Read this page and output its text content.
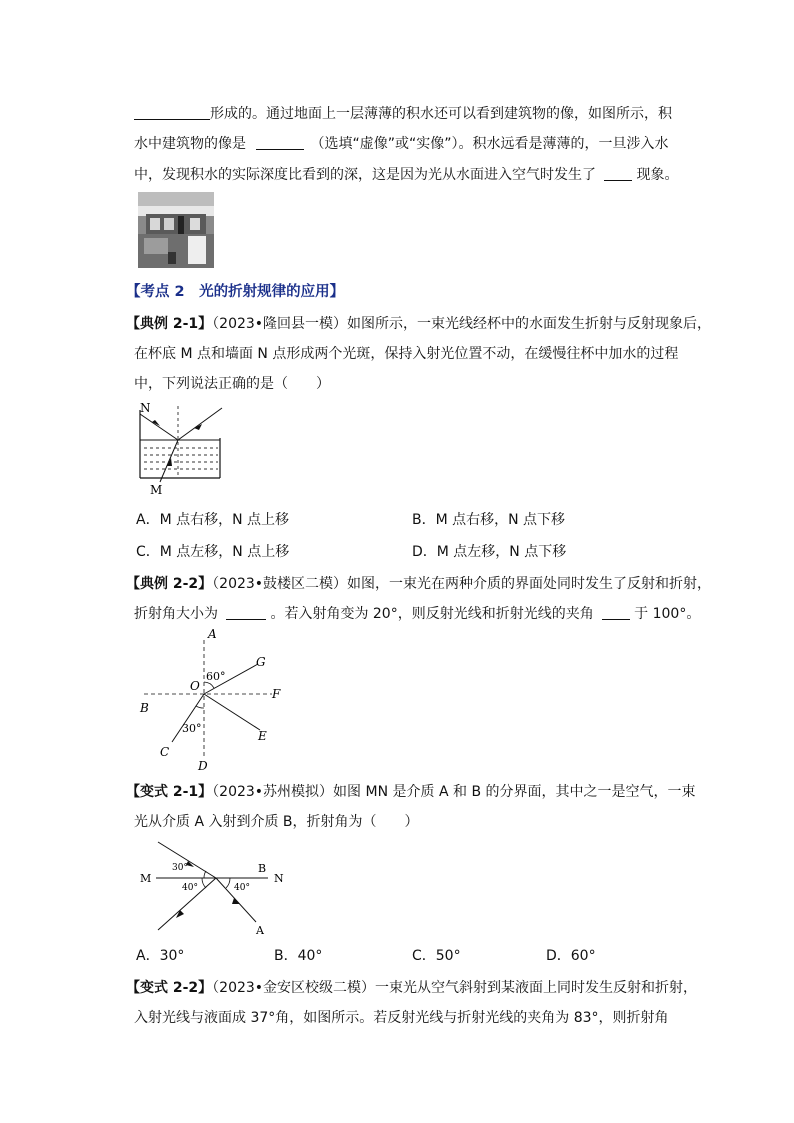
形成的。通过地面上一层薄薄的积水还可以看到建筑物的像，如图所示，积
水中建筑物的像是	（选填“虚像”或“实像”）。积水远看是薄薄的，一旦涉入水
中，发现积水的实际深度比看到的深，这是因为光从水面进入空气时发生了	现象。
【考点 2　光的折射规律的应用】
【典例 2-1】（2023•隆回县一模）如图所示，一束光线经杯中的水面发生折射与反射现象后，
在杯底 M 点和墙面 N 点形成两个光斑，保持入射光位置不动，在缓慢往杯中加水的过程
中，下列说法正确的是（　　）
N
M
A．M 点右移，N 点上移	B．M 点右移，N 点下移
C．M 点左移，N 点上移	D．M 点左移，N 点下移
【典例 2-2】（2023•鼓楼区二模）如图，一束光在两种介质的界面处同时发生了反射和折射，
折射角大小为	。若入射角变为 20°，则反射光线和折射光线的夹角	于 100°。
A
B
C
D
E
F
G
O
60°
30°
【变式 2-1】（2023•苏州模拟）如图 MN 是介质 A 和 B 的分界面，其中之一是空气，一束
光从介质 A 入射到介质 B，折射角为（　　）
M	N
B
A
30°
40°	40°
A．30°	B．40°	C．50°	D．60°
【变式 2-2】（2023•金安区校级二模）一束光从空气斜射到某液面上同时发生反射和折射，
入射光线与液面成 37°角，如图所示。若反射光线与折射光线的夹角为 83°，则折射角
